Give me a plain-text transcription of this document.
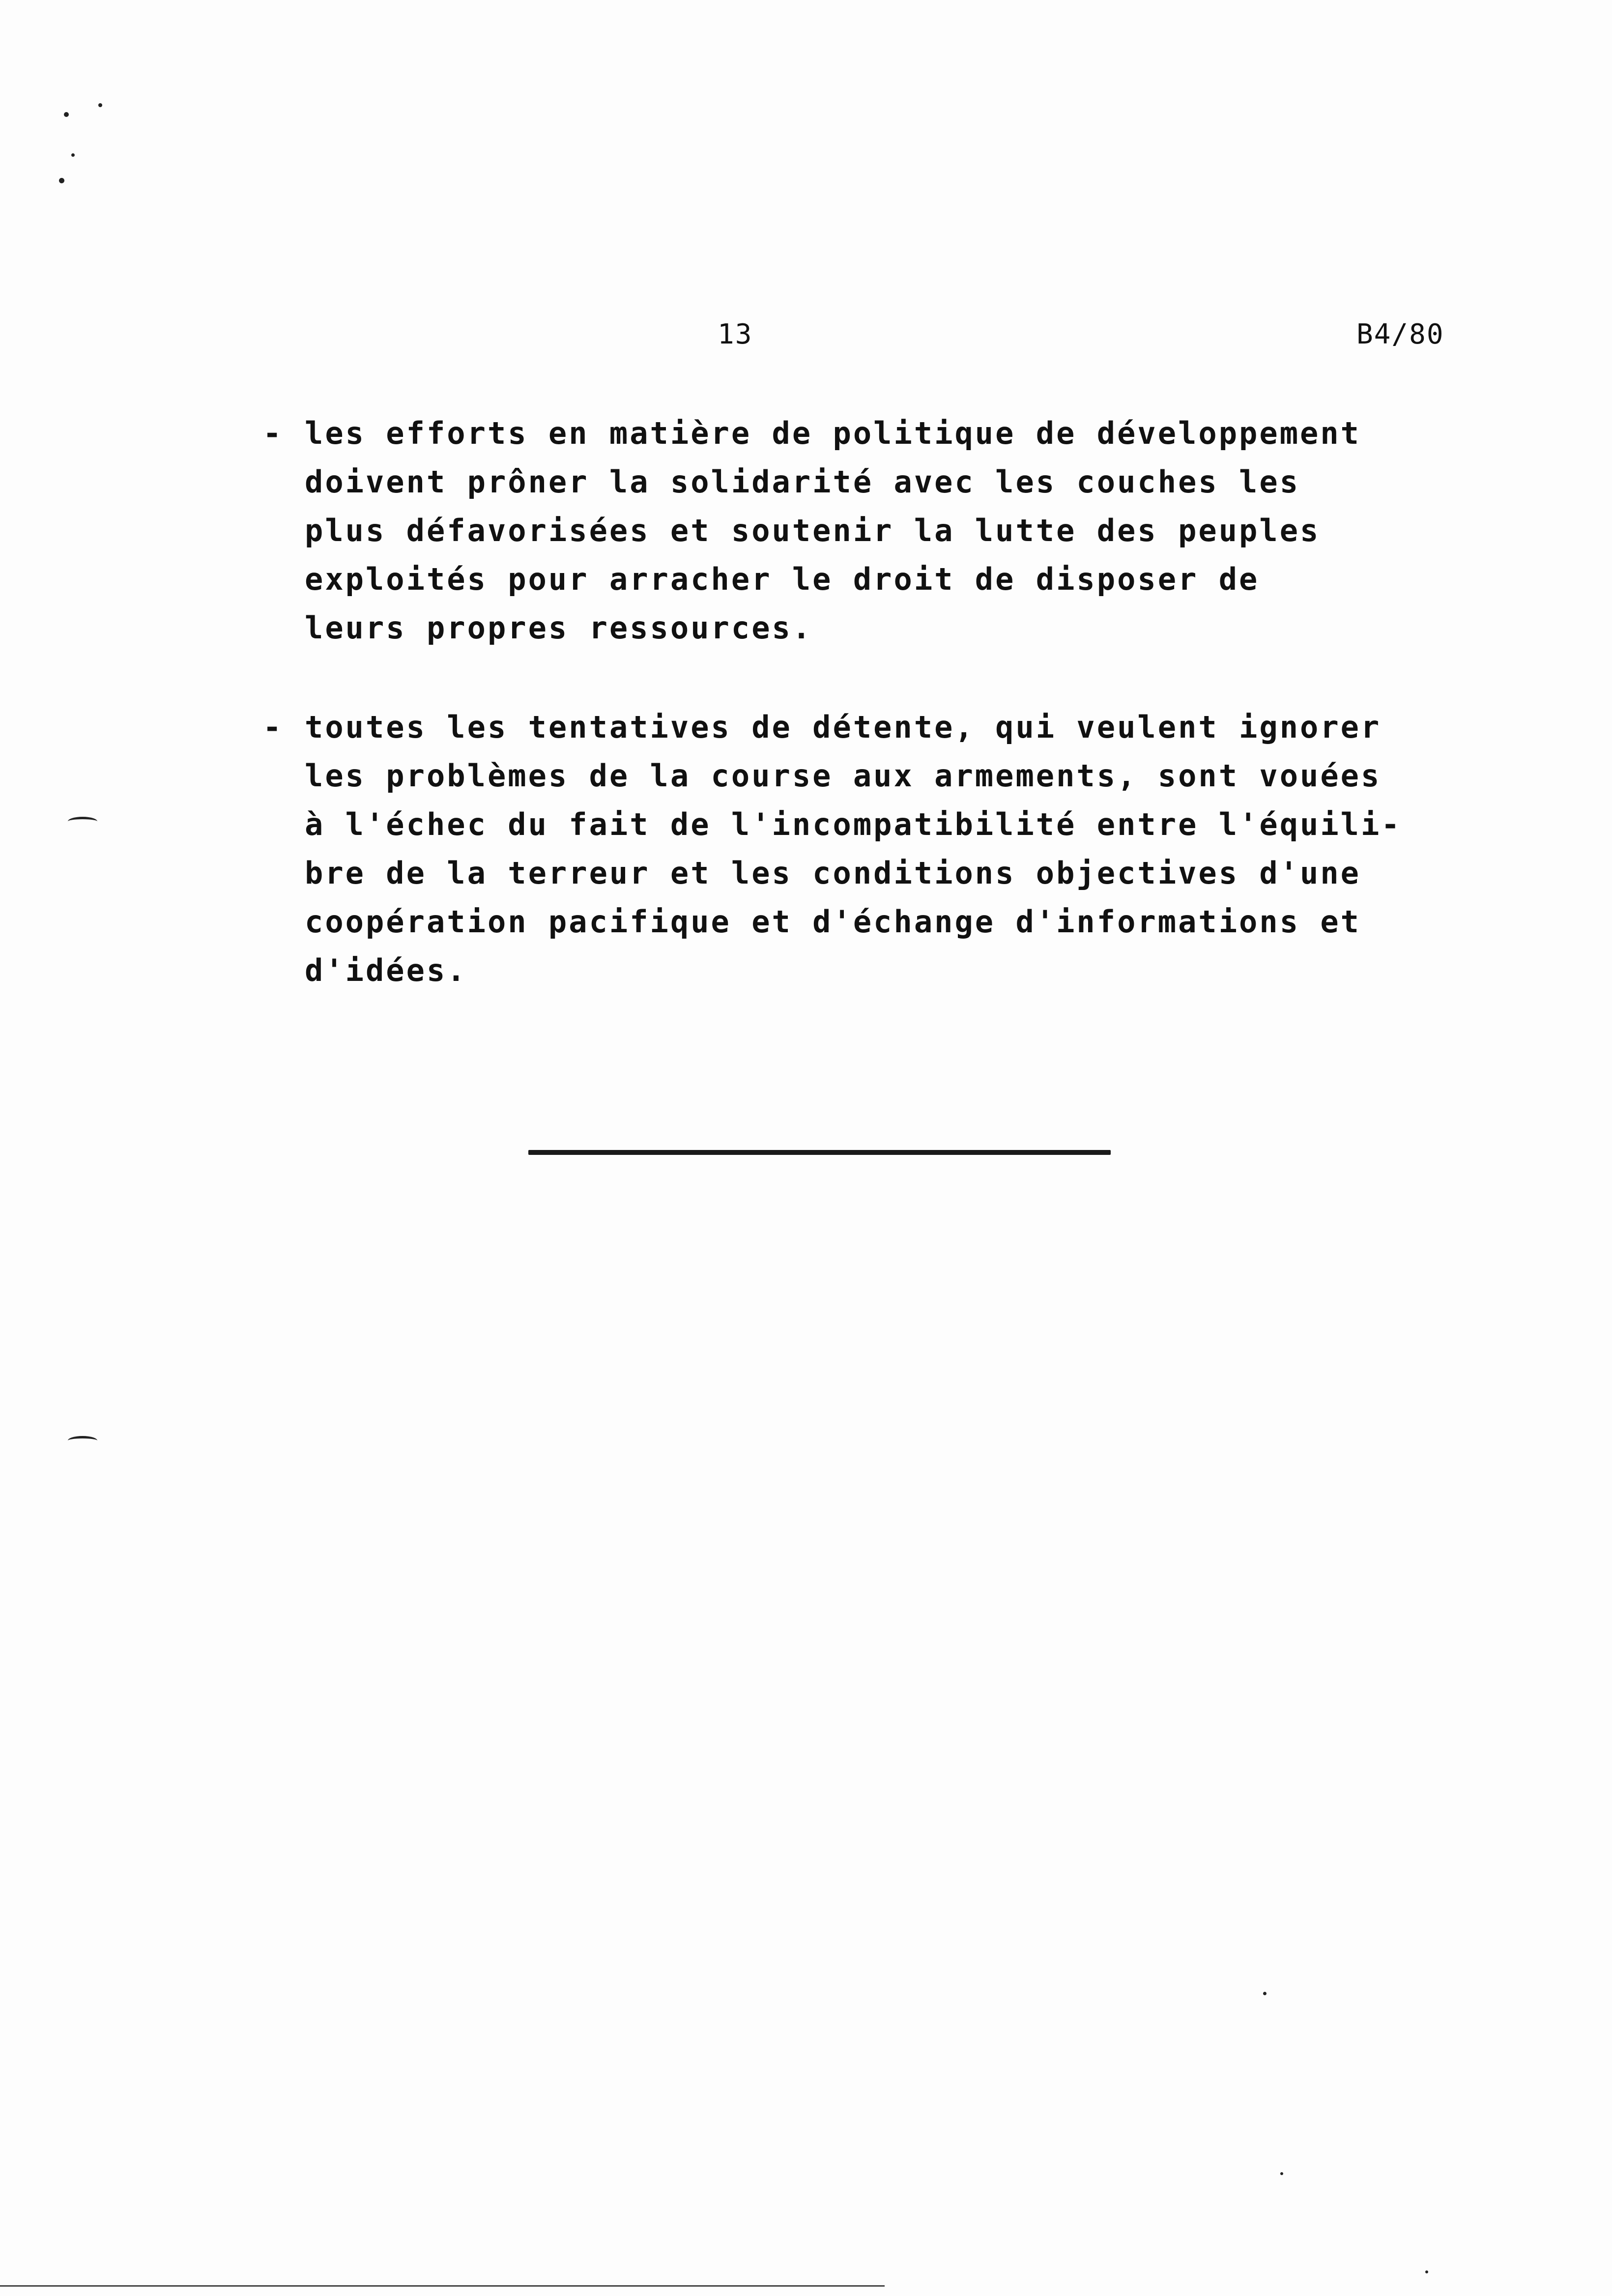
13	B4/80
- les efforts en matière de politique de développement
doivent prôner la solidarité avec les couches les
plus défavorisées et soutenir la lutte des peuples
exploités pour arracher le droit de disposer de
leurs propres ressources.
- toutes les tentatives de détente, qui veulent ignorer
les problèmes de la course aux armements, sont vouées
à l'échec du fait de l'incompatibilité entre l'équili-
bre de la terreur et les conditions objectives d'une
coopération pacifique et d'échange d'informations et
d'idées.
